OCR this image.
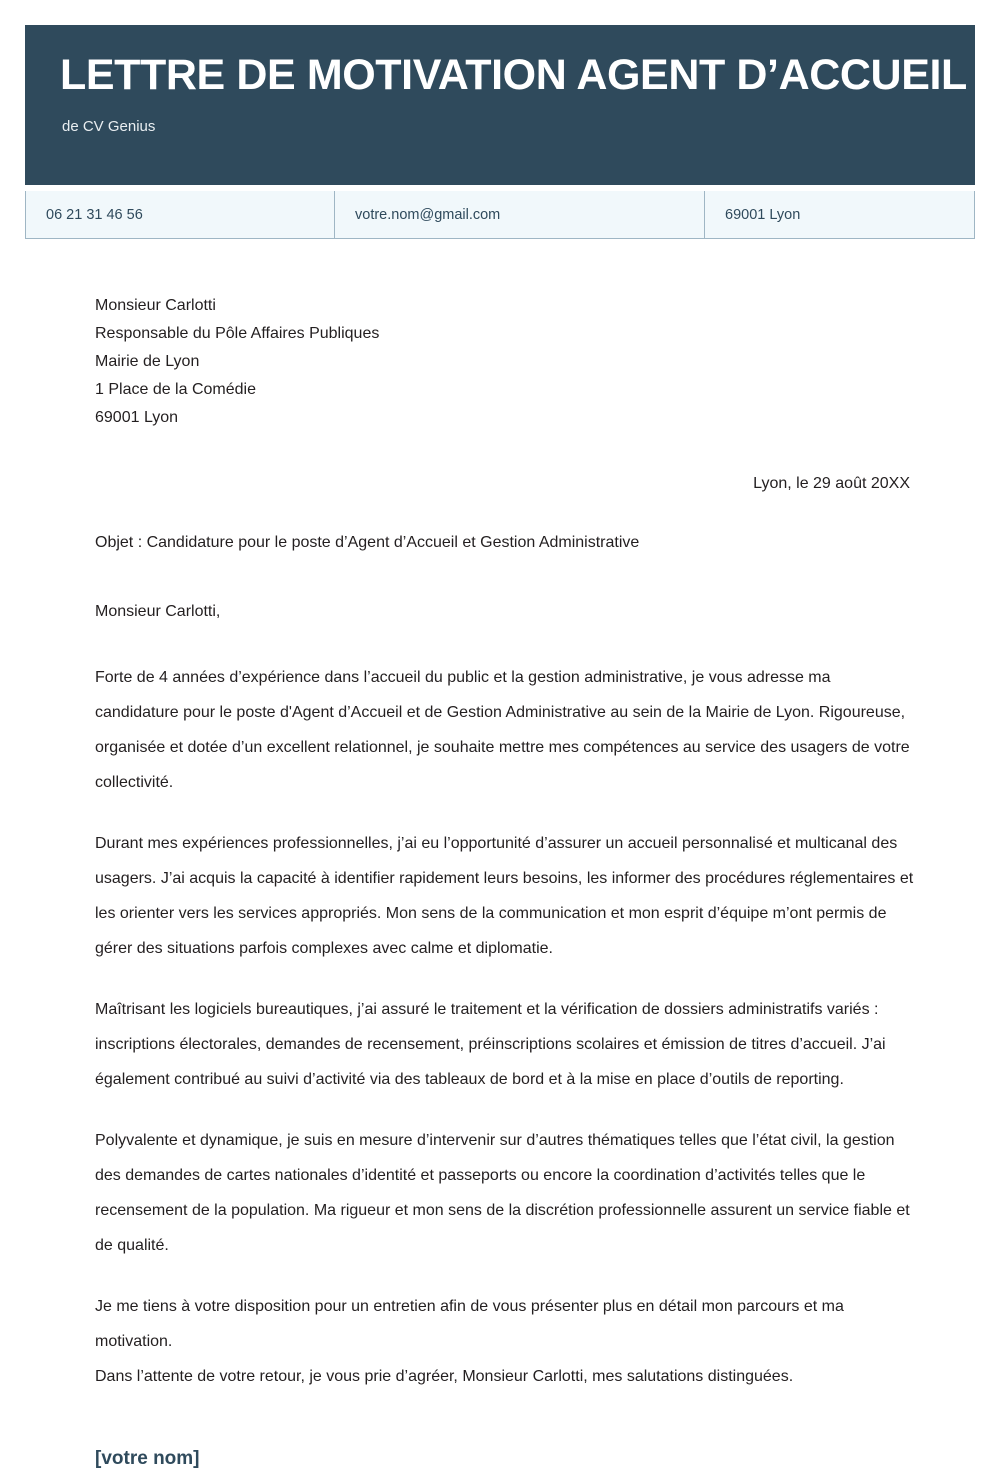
LETTRE DE MOTIVATION AGENT D’ACCUEIL
de CV Genius
06 21 31 46 56	votre.nom@gmail.com	69001 Lyon
Monsieur Carlotti
Responsable du Pôle Affaires Publiques
Mairie de Lyon
1 Place de la Comédie
69001 Lyon
Lyon, le 29 août 20XX
Objet : Candidature pour le poste d’Agent d’Accueil et Gestion Administrative
Monsieur Carlotti,

Forte de 4 années d’expérience dans l’accueil du public et la gestion administrative, je vous adresse ma candidature pour le poste d'Agent d’Accueil et de Gestion Administrative au sein de la Mairie de Lyon. Rigoureuse, organisée et dotée d’un excellent relationnel, je souhaite mettre mes compétences au service des usagers de votre collectivité.

Durant mes expériences professionnelles, j’ai eu l’opportunité d’assurer un accueil personnalisé et multicanal des usagers. J’ai acquis la capacité à identifier rapidement leurs besoins, les informer des procédures réglementaires et les orienter vers les services appropriés. Mon sens de la communication et mon esprit d’équipe m’ont permis de gérer des situations parfois complexes avec calme et diplomatie.

Maîtrisant les logiciels bureautiques, j’ai assuré le traitement et la vérification de dossiers administratifs variés : inscriptions électorales, demandes de recensement, préinscriptions scolaires et émission de titres d’accueil. J’ai également contribué au suivi d’activité via des tableaux de bord et à la mise en place d’outils de reporting.

Polyvalente et dynamique, je suis en mesure d’intervenir sur d’autres thématiques telles que l’état civil, la gestion des demandes de cartes nationales d’identité et passeports ou encore la coordination d’activités telles que le recensement de la population. Ma rigueur et mon sens de la discrétion professionnelle assurent un service fiable et de qualité.

Je me tiens à votre disposition pour un entretien afin de vous présenter plus en détail mon parcours et ma motivation.
Dans l’attente de votre retour, je vous prie d’agréer, Monsieur Carlotti, mes salutations distinguées.

[votre nom]
